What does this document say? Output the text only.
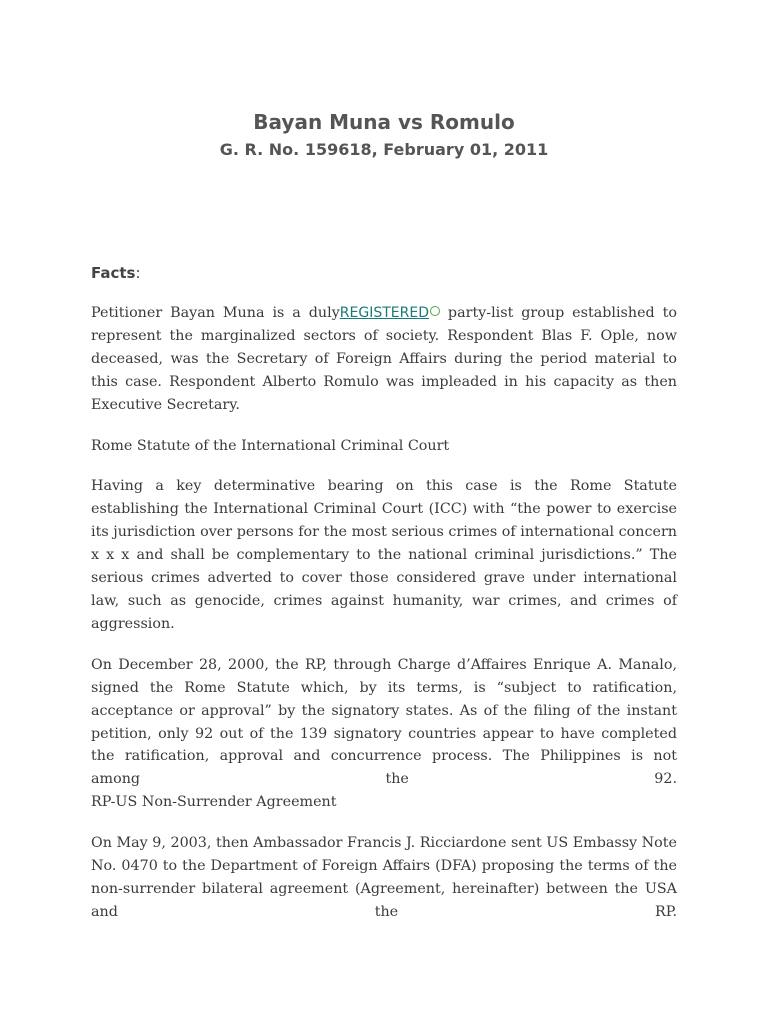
Bayan Muna vs Romulo
G. R. No. 159618, February 01, 2011
Facts:

Petitioner Bayan Muna is a dulyREGISTERED party-list group established to represent the marginalized sectors of society. Respondent Blas F. Ople, now deceased, was the Secretary of Foreign Affairs during the period material to this case. Respondent Alberto Romulo was impleaded in his capacity as then Executive Secretary.

Rome Statute of the International Criminal Court

Having a key determinative bearing on this case is the Rome Statute establishing the International Criminal Court (ICC) with “the power to exercise its jurisdiction over persons for the most serious crimes of international concern x x x and shall be complementary to the national criminal jurisdictions.” The serious crimes adverted to cover those considered grave under international law, such as genocide, crimes against humanity, war crimes, and crimes of aggression.

On December 28, 2000, the RP, through Charge d’Affaires Enrique A. Manalo, signed the Rome Statute which, by its terms, is “subject to ratification, acceptance or approval” by the signatory states. As of the filing of the instant petition, only 92 out of the 139 signatory countries appear to have completed the ratification, approval and concurrence process. The Philippines is not among the 92.

RP-US Non-Surrender Agreement

On May 9, 2003, then Ambassador Francis J. Ricciardone sent US Embassy Note No. 0470 to the Department of Foreign Affairs (DFA) proposing the terms of the non-surrender bilateral agreement (Agreement, hereinafter) between the USA and the RP.
